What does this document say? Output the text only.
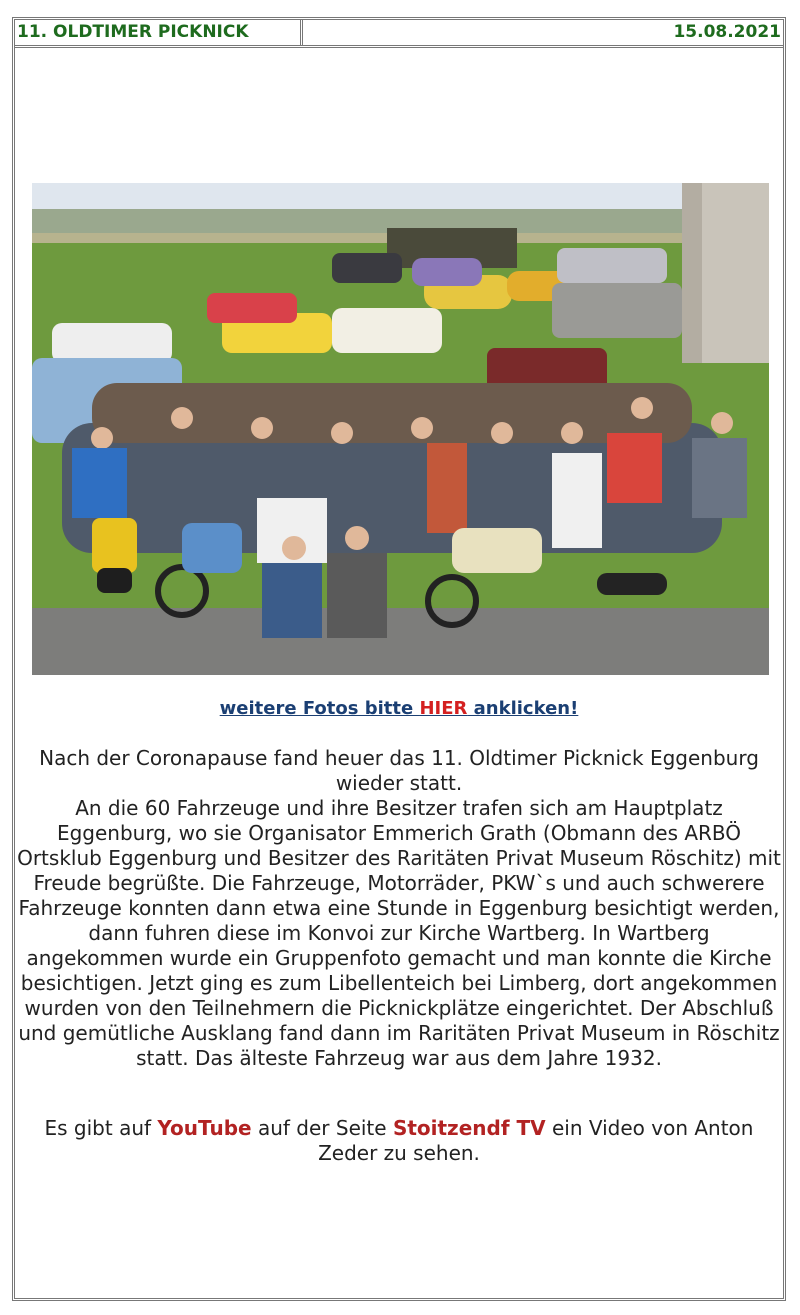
11. OLDTIMER PICKNICK	15.08.2021
weitere Fotos bitte HIER anklicken!

Nach der Coronapause fand heuer das 11. Oldtimer Picknick Eggenburg wieder statt.

An die 60 Fahrzeuge und ihre Besitzer trafen sich am Hauptplatz Eggenburg, wo sie Organisator Emmerich Grath (Obmann des ARBÖ Ortsklub Eggenburg und Besitzer des Raritäten Privat Museum Röschitz) mit Freude begrüßte. Die Fahrzeuge, Motorräder, PKW`s und auch schwerere Fahrzeuge konnten dann etwa eine Stunde in Eggenburg besichtigt werden, dann fuhren diese im Konvoi zur Kirche Wartberg. In Wartberg angekommen wurde ein Gruppenfoto gemacht und man konnte die Kirche besichtigen. Jetzt ging es zum Libellenteich bei Limberg, dort angekommen wurden von den Teilnehmern die Picknickplätze eingerichtet. Der Abschluß und gemütliche Ausklang fand dann im Raritäten Privat Museum in Röschitz statt. Das älteste Fahrzeug war aus dem Jahre 1932.

Es gibt auf YouTube auf der Seite Stoitzendf TV ein Video von Anton Zeder zu sehen.
